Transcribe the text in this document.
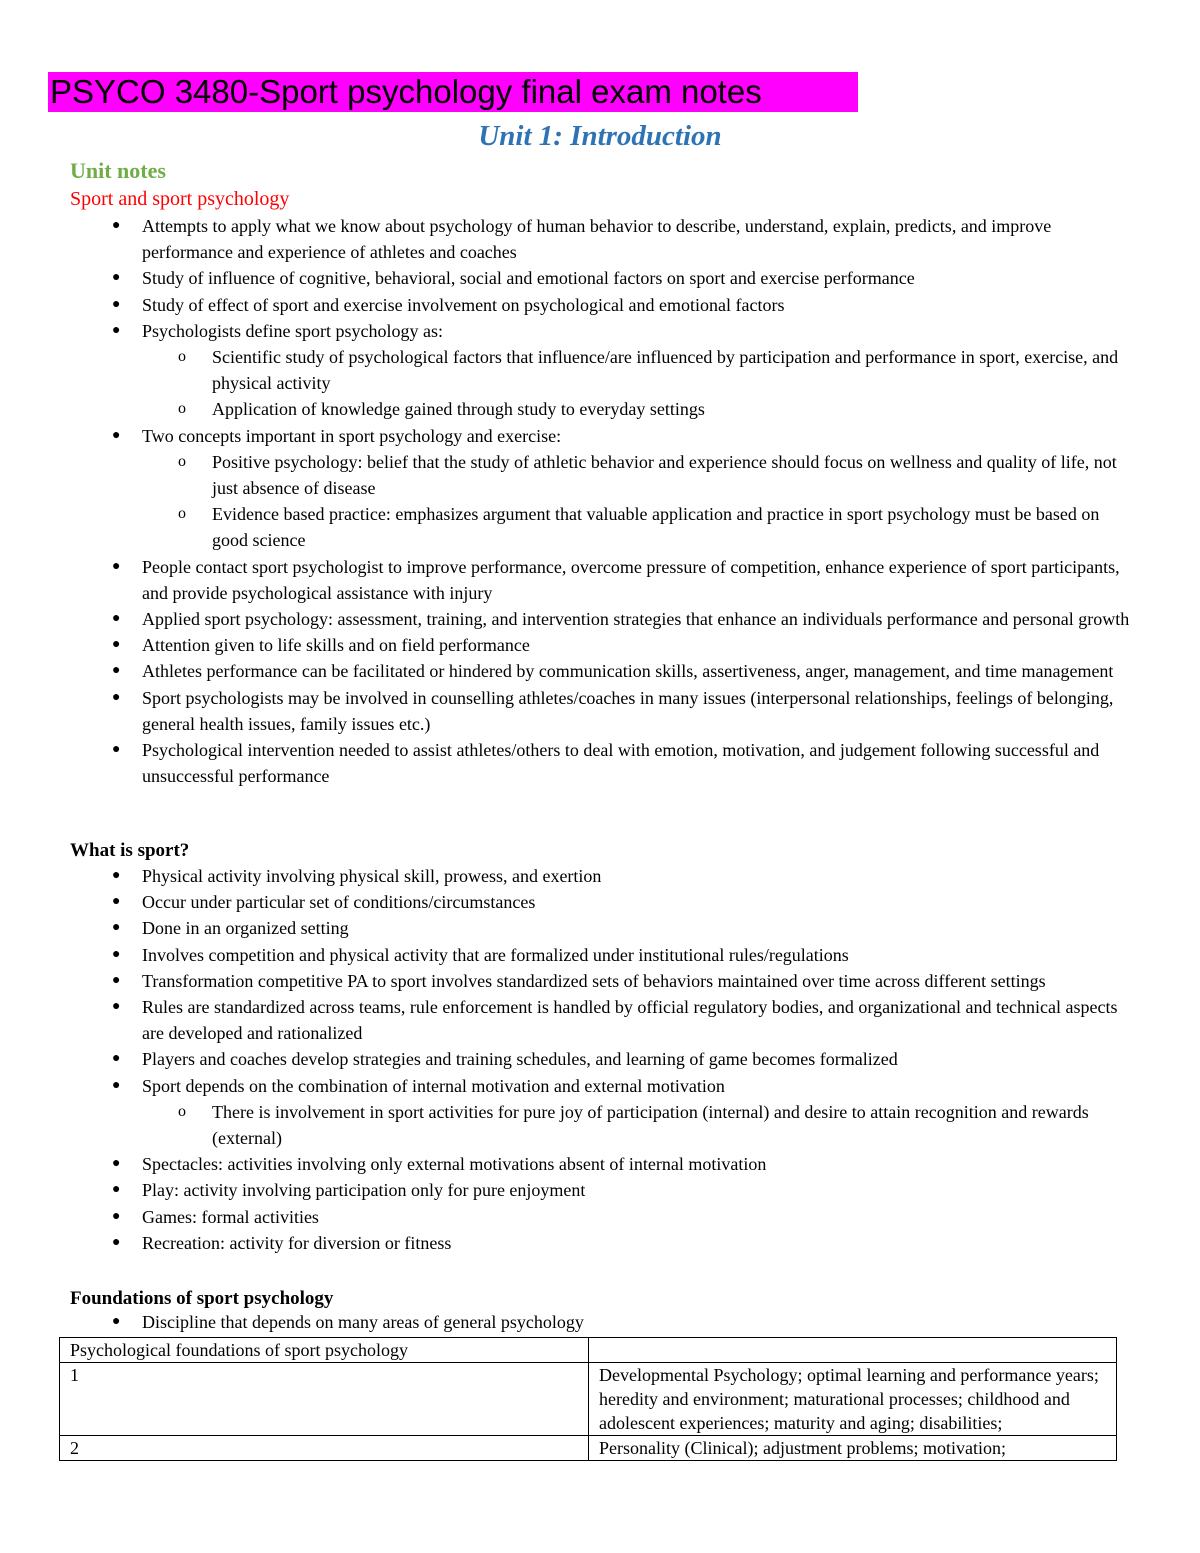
PSYCO 3480-Sport psychology final exam notes
Unit 1: Introduction
Unit notes
Sport and sport psychology
● Attempts to apply what we know about psychology of human behavior to describe, understand, explain, predicts, and improve performance and experience of athletes and coaches
● Study of influence of cognitive, behavioral, social and emotional factors on sport and exercise performance
● Study of effect of sport and exercise involvement on psychological and emotional factors
● Psychologists define sport psychology as:
o Scientific study of psychological factors that influence/are influenced by participation and performance in sport, exercise, and physical activity
o Application of knowledge gained through study to everyday settings
● Two concepts important in sport psychology and exercise:
o Positive psychology: belief that the study of athletic behavior and experience should focus on wellness and quality of life, not just absence of disease
o Evidence based practice: emphasizes argument that valuable application and practice in sport psychology must be based on good science
● People contact sport psychologist to improve performance, overcome pressure of competition, enhance experience of sport participants, and provide psychological assistance with injury
● Applied sport psychology: assessment, training, and intervention strategies that enhance an individuals performance and personal growth
● Attention given to life skills and on field performance
● Athletes performance can be facilitated or hindered by communication skills, assertiveness, anger, management, and time management
● Sport psychologists may be involved in counselling athletes/coaches in many issues (interpersonal relationships, feelings of belonging, general health issues, family issues etc.)
● Psychological intervention needed to assist athletes/others to deal with emotion, motivation, and judgement following successful and unsuccessful performance
What is sport?
● Physical activity involving physical skill, prowess, and exertion
● Occur under particular set of conditions/circumstances
● Done in an organized setting
● Involves competition and physical activity that are formalized under institutional rules/regulations
● Transformation competitive PA to sport involves standardized sets of behaviors maintained over time across different settings
● Rules are standardized across teams, rule enforcement is handled by official regulatory bodies, and organizational and technical aspects are developed and rationalized
● Players and coaches develop strategies and training schedules, and learning of game becomes formalized
● Sport depends on the combination of internal motivation and external motivation
o There is involvement in sport activities for pure joy of participation (internal) and desire to attain recognition and rewards (external)
● Spectacles: activities involving only external motivations absent of internal motivation
● Play: activity involving participation only for pure enjoyment
● Games: formal activities
● Recreation: activity for diversion or fitness
Foundations of sport psychology
● Discipline that depends on many areas of general psychology
Psychological foundations of sport psychology	
1	Developmental Psychology; optimal learning and performance years; heredity and environment; maturational processes; childhood and adolescent experiences; maturity and aging; disabilities;
2	Personality (Clinical); adjustment problems; motivation;
